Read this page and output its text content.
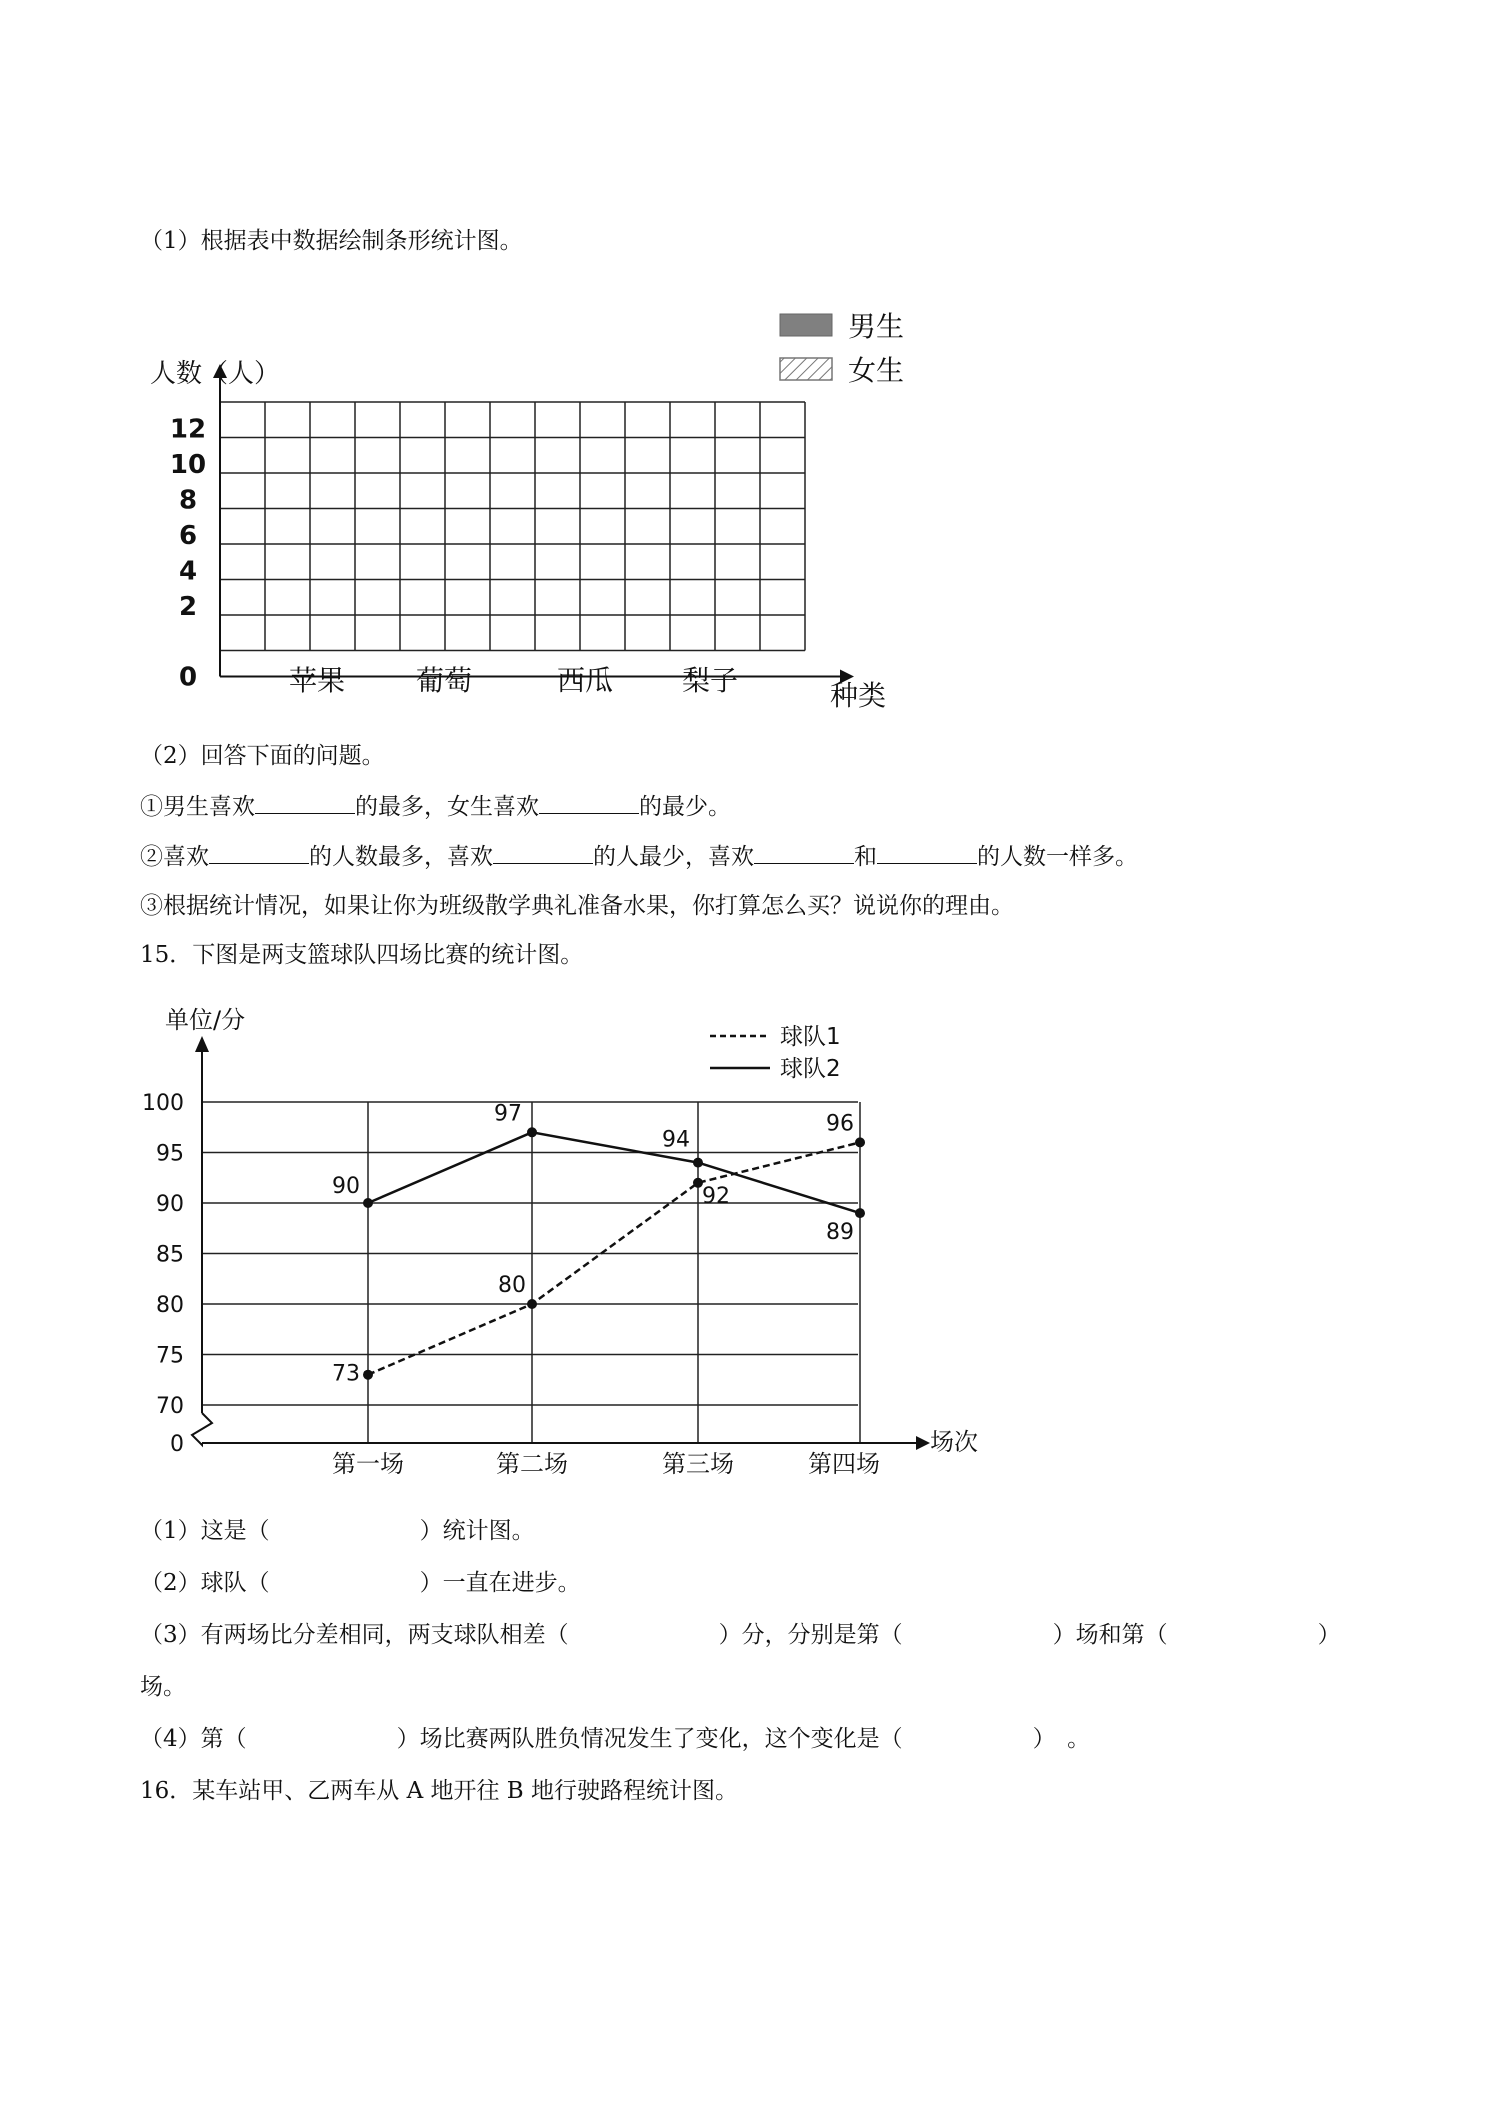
（1）根据表中数据绘制条形统计图。
人数（人）
种类
12
10
8
6
4
2
0	苹果	葡萄	西瓜 梨子
男生
女生
（2）回答下面的问题。
①男生喜欢	的最多，女生喜欢	的最少。
②喜欢	的人数最多，喜欢	的人最少，喜欢	和	的人数一样多。
③根据统计情况，如果让你为班级散学典礼准备水果，你打算怎么买？说说你的理由。
15．下图是两支篮球队四场比赛的统计图。
单位/分
场次
100
95
90
85
80
75
70
0
第一场	第二场	第三场	第四场
73
80
92
96
90
97
94
89
球队1
球队2
（1）这是（	）统计图。
（2）球队（	）一直在进步。
（3）有两场比分差相同，两支球队相差（	）分，分别是第（	）场和第（	）
场。
（4）第（	）场比赛两队胜负情况发生了变化，这个变化是（	）　。
16．某车站甲、乙两车从 A 地开往 B 地行驶路程统计图。
